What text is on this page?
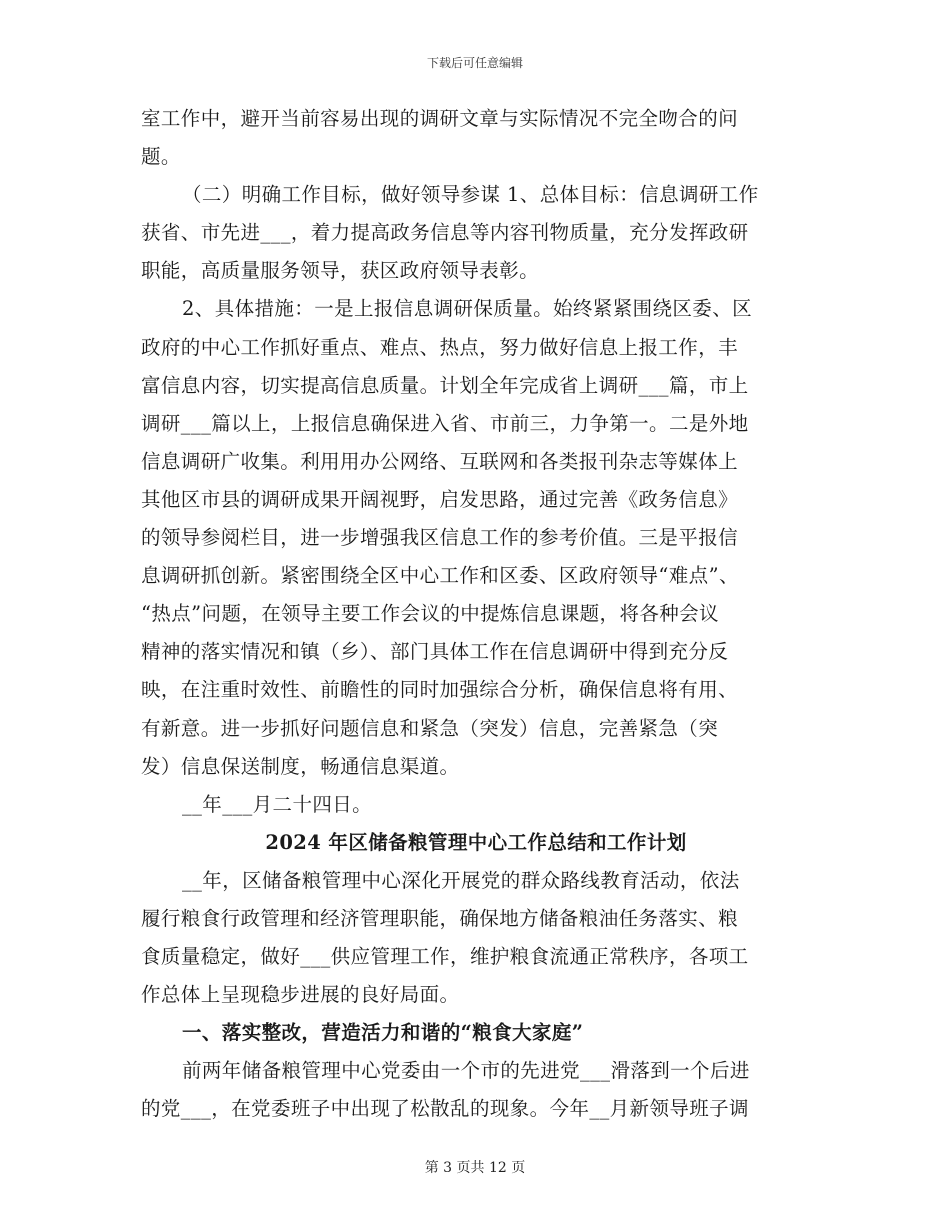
下载后可任意编辑
室工作中，避开当前容易出现的调研文章与实际情况不完全吻合的问
题。
（二）明确工作目标，做好领导参谋 1、总体目标：信息调研工作
获省、市先进___，着力提高政务信息等内容刊物质量，充分发挥政研
职能，高质量服务领导，获区政府领导表彰。
2、具体措施：一是上报信息调研保质量。始终紧紧围绕区委、区
政府的中心工作抓好重点、难点、热点，努力做好信息上报工作，丰
富信息内容，切实提高信息质量。计划全年完成省上调研___篇，市上
调研___篇以上，上报信息确保进入省、市前三，力争第一。二是外地
信息调研广收集。利用用办公网络、互联网和各类报刊杂志等媒体上
其他区市县的调研成果开阔视野，启发思路，通过完善《政务信息》
的领导参阅栏目，进一步增强我区信息工作的参考价值。三是平报信
息调研抓创新。紧密围绕全区中心工作和区委、区政府领导“难点”、
“热点”问题，在领导主要工作会议的中提炼信息课题，将各种会议
精神的落实情况和镇（乡）、部门具体工作在信息调研中得到充分反
映，在注重时效性、前瞻性的同时加强综合分析，确保信息将有用、
有新意。进一步抓好问题信息和紧急（突发）信息，完善紧急（突
发）信息保送制度，畅通信息渠道。
__年___月二十四日。
2024 年区储备粮管理中心工作总结和工作计划
__年，区储备粮管理中心深化开展党的群众路线教育活动，依法
履行粮食行政管理和经济管理职能，确保地方储备粮油任务落实、粮
食质量稳定，做好___供应管理工作，维护粮食流通正常秩序，各项工
作总体上呈现稳步进展的良好局面。
一、落实整改，营造活力和谐的“粮食大家庭”
前两年储备粮管理中心党委由一个市的先进党___滑落到一个后进
的党___，在党委班子中出现了松散乱的现象。今年__月新领导班子调
第 3 页共 12 页
